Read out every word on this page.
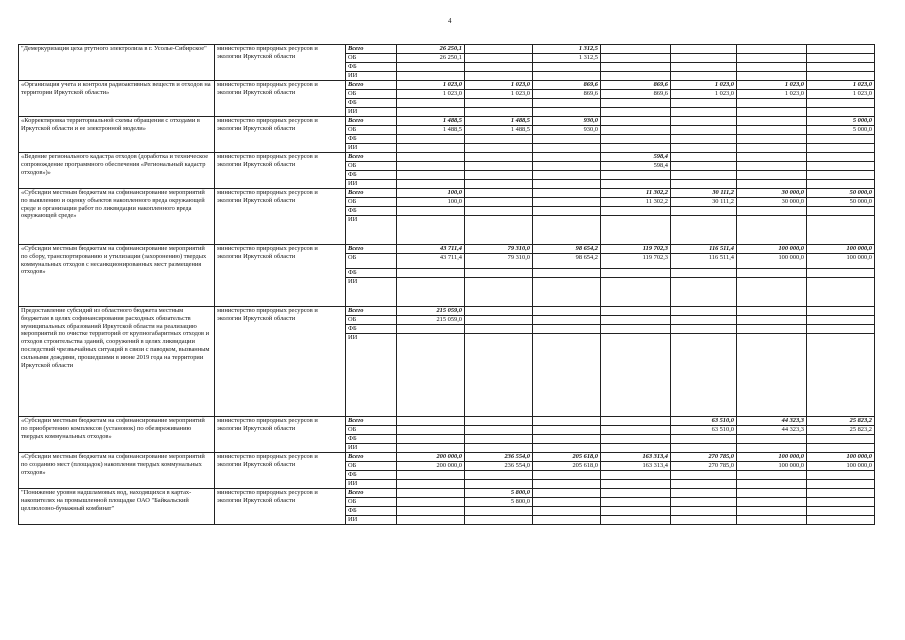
4
"Демеркуризация цеха ртутного электролиза в г. Усолье-Сибирское"	министерство природных ресурсов и экологии Иркутской области	Всего	26 250,1		1 312,5				
		ОБ	26 250,1		1 312,5				
		ФБ							
		ИИ							
«Организация учета и контроля радиоактивных веществ и отходов на территории Иркутской области»	министерство природных ресурсов и экологии Иркутской области	Всего	1 023,0	1 023,0	869,6	869,6	1 023,0	1 023,0	1 023,0
		ОБ	1 023,0	1 023,0	869,6	869,6	1 023,0	1 023,0	1 023,0
		ФБ							
		ИИ							
«Корректировка территориальной схемы обращения с отходами в Иркутской области и ее электронной модели»	министерство природных ресурсов и экологии Иркутской области	Всего	1 488,5	1 488,5	930,0				5 000,0
		ОБ	1 488,5	1 488,5	930,0				5 000,0
		ФБ							
		ИИ							
«Ведение регионального кадастра отходов (доработка и техническое сопровождение программного обеспечения «Региональный кадастр отходов»)»	министерство природных ресурсов и экологии Иркутской области	Всего				598,4			
		ОБ				598,4			
		ФБ							
		ИИ							
«Субсидии местным бюджетам на софинансирование мероприятий по выявлению и оценку объектов накопленного вреда окружающей среде и организации работ по ликвидации накопленного вреда окружающей среде»	министерство природных ресурсов и экологии Иркутской области	Всего	100,0			11 302,2	30 111,2	30 000,0	50 000,0
		ОБ	100,0			11 302,2	30 111,2	30 000,0	50 000,0
		ФБ							
		ИИ							
«Субсидии местным бюджетам на софинансирование мероприятий по сбору, транспортированию и утилизации (захоронению) твердых коммунальных отходов с несанкционированных мест размещения отходов»	министерство природных ресурсов и экологии Иркутской области	Всего	43 711,4	79 310,0	98 654,2	119 702,3	116 511,4	100 000,0	100 000,0
		ОБ	43 711,4	79 310,0	98 654,2	119 702,3	116 511,4	100 000,0	100 000,0
		ФБ							
		ИИ							
Предоставление субсидий из областного бюджета местным бюджетам в целях софинансирования расходных обязательств муниципальных образований Иркутской области на реализацию мероприятий по очистке территорий от крупногабаритных отходов и отходов строительства зданий, сооружений в целях ликвидации последствий чрезвычайных ситуаций в связи с паводком, вызванным сильными дождями, прошедшими в июне 2019 года на территории Иркутской области	министерство природных ресурсов и экологии Иркутской области	Всего	215 059,0						
		ОБ	215 059,0						
		ФБ							
		ИИ							
«Субсидии местным бюджетам на софинансирование мероприятий по приобретению комплексов (установок) по обезвреживанию твердых коммунальных отходов»	министерство природных ресурсов и экологии Иркутской области	Всего					63 510,0	44 323,3	25 823,2
		ОБ					63 510,0	44 323,3	25 823,2
		ФБ							
		ИИ							
«Субсидии местным бюджетам на софинансирование мероприятий по созданию мест (площадок) накопления твердых коммунальных отходов»	министерство природных ресурсов и экологии Иркутской области	Всего	200 000,0	236 554,0	205 618,0	163 313,4	270 785,0	100 000,0	100 000,0
		ОБ	200 000,0	236 554,0	205 618,0	163 313,4	270 785,0	100 000,0	100 000,0
		ФБ							
		ИИ							
"Понижение уровня надшламовых вод, находящихся в картах-накопителях на промышленной площадке ОАО "Байкальский целлюлозно-бумажный комбинат"	министерство природных ресурсов и экологии Иркутской области	Всего		5 800,0					
		ОБ		5 800,0					
		ФБ							
		ИИ							
